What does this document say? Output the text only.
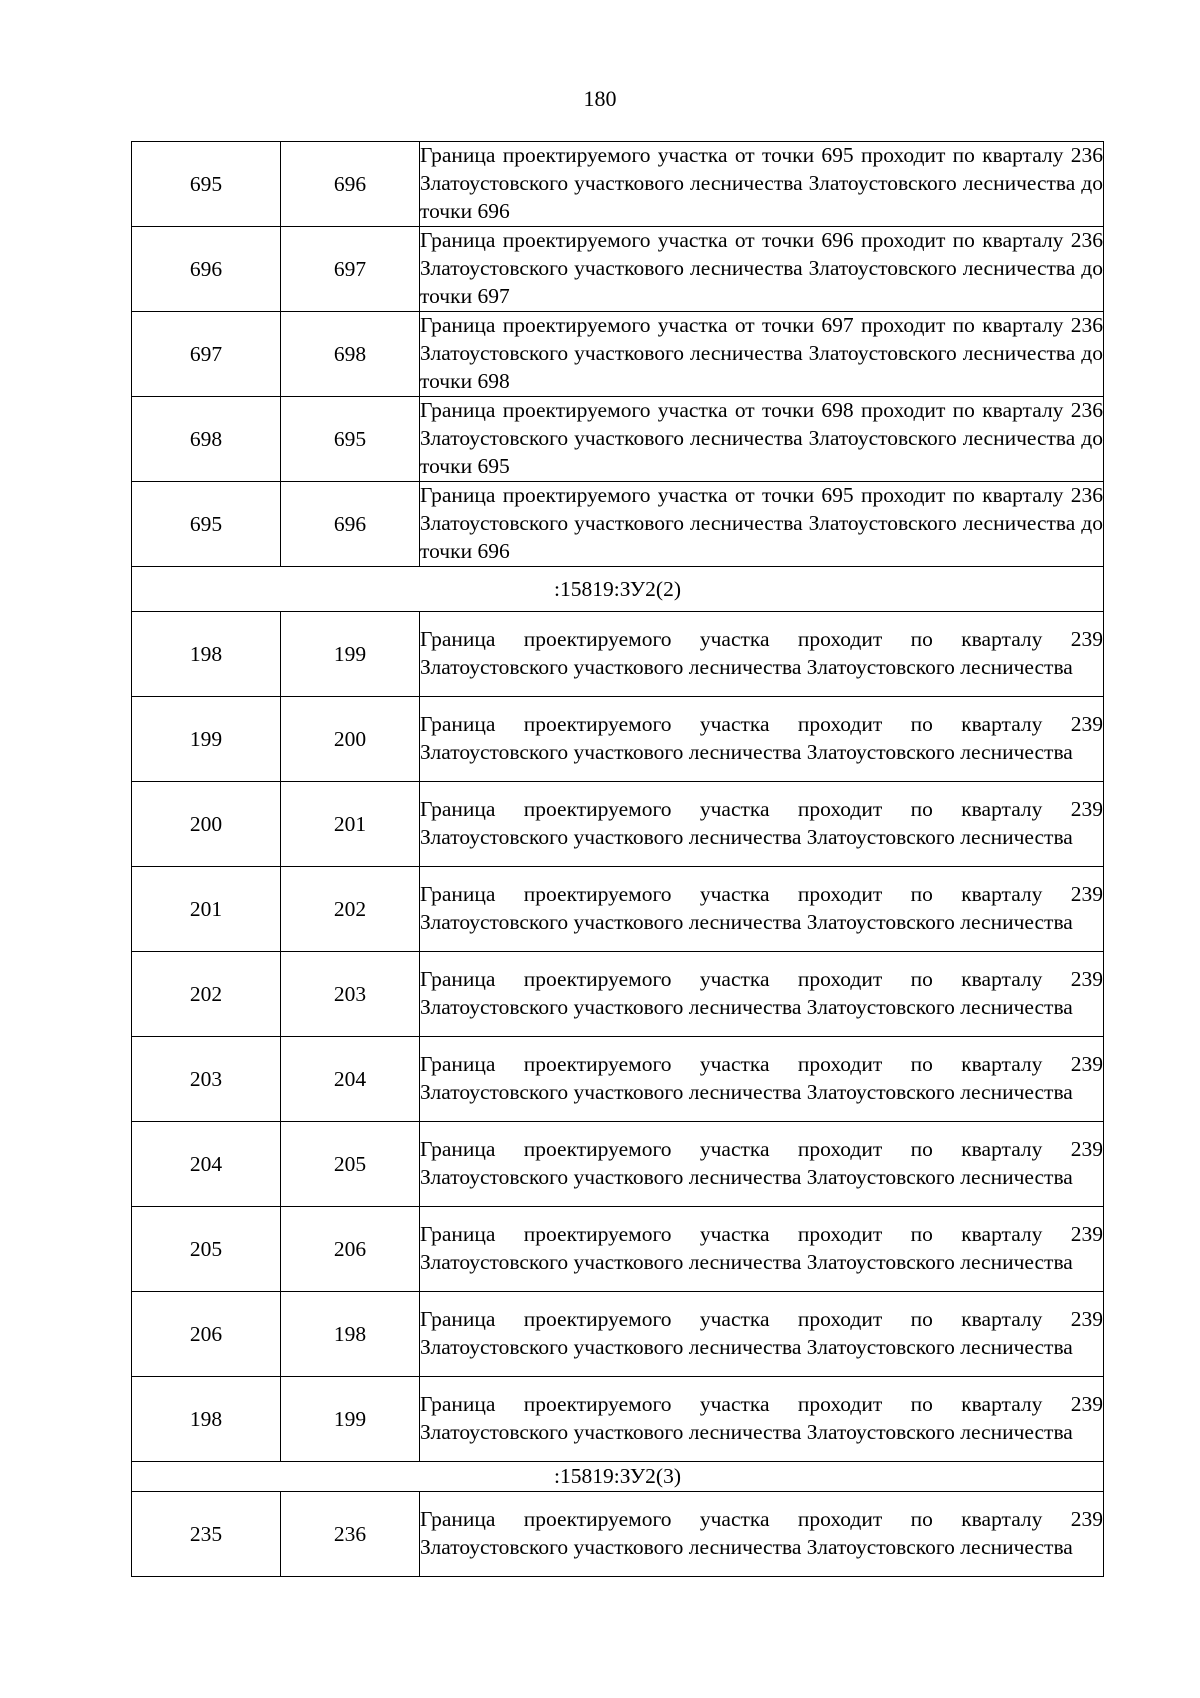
180
695	696	Граница проектируемого участка от точки 695 проходит по кварталу 236 Златоустовского участкового лесничества Златоустовского лесничества до точки 696
696	697	Граница проектируемого участка от точки 696 проходит по кварталу 236 Златоустовского участкового лесничества Златоустовского лесничества до точки 697
697	698	Граница проектируемого участка от точки 697 проходит по кварталу 236 Златоустовского участкового лесничества Златоустовского лесничества до точки 698
698	695	Граница проектируемого участка от точки 698 проходит по кварталу 236 Златоустовского участкового лесничества Златоустовского лесничества до точки 695
695	696	Граница проектируемого участка от точки 695 проходит по кварталу 236 Златоустовского участкового лесничества Златоустовского лесничества до точки 696
:15819:ЗУ2(2)		
198	199	Граница проектируемого участка проходит по кварталу 239 Златоустовского участкового лесничества Златоустовского лесничества
199	200	Граница проектируемого участка проходит по кварталу 239 Златоустовского участкового лесничества Златоустовского лесничества
200	201	Граница проектируемого участка проходит по кварталу 239 Златоустовского участкового лесничества Златоустовского лесничества
201	202	Граница проектируемого участка проходит по кварталу 239 Златоустовского участкового лесничества Златоустовского лесничества
202	203	Граница проектируемого участка проходит по кварталу 239 Златоустовского участкового лесничества Златоустовского лесничества
203	204	Граница проектируемого участка проходит по кварталу 239 Златоустовского участкового лесничества Златоустовского лесничества
204	205	Граница проектируемого участка проходит по кварталу 239 Златоустовского участкового лесничества Златоустовского лесничества
205	206	Граница проектируемого участка проходит по кварталу 239 Златоустовского участкового лесничества Златоустовского лесничества
206	198	Граница проектируемого участка проходит по кварталу 239 Златоустовского участкового лесничества Златоустовского лесничества
198	199	Граница проектируемого участка проходит по кварталу 239 Златоустовского участкового лесничества Златоустовского лесничества
:15819:ЗУ2(3)		
235	236	Граница проектируемого участка проходит по кварталу 239 Златоустовского участкового лесничества Златоустовского лесничества
